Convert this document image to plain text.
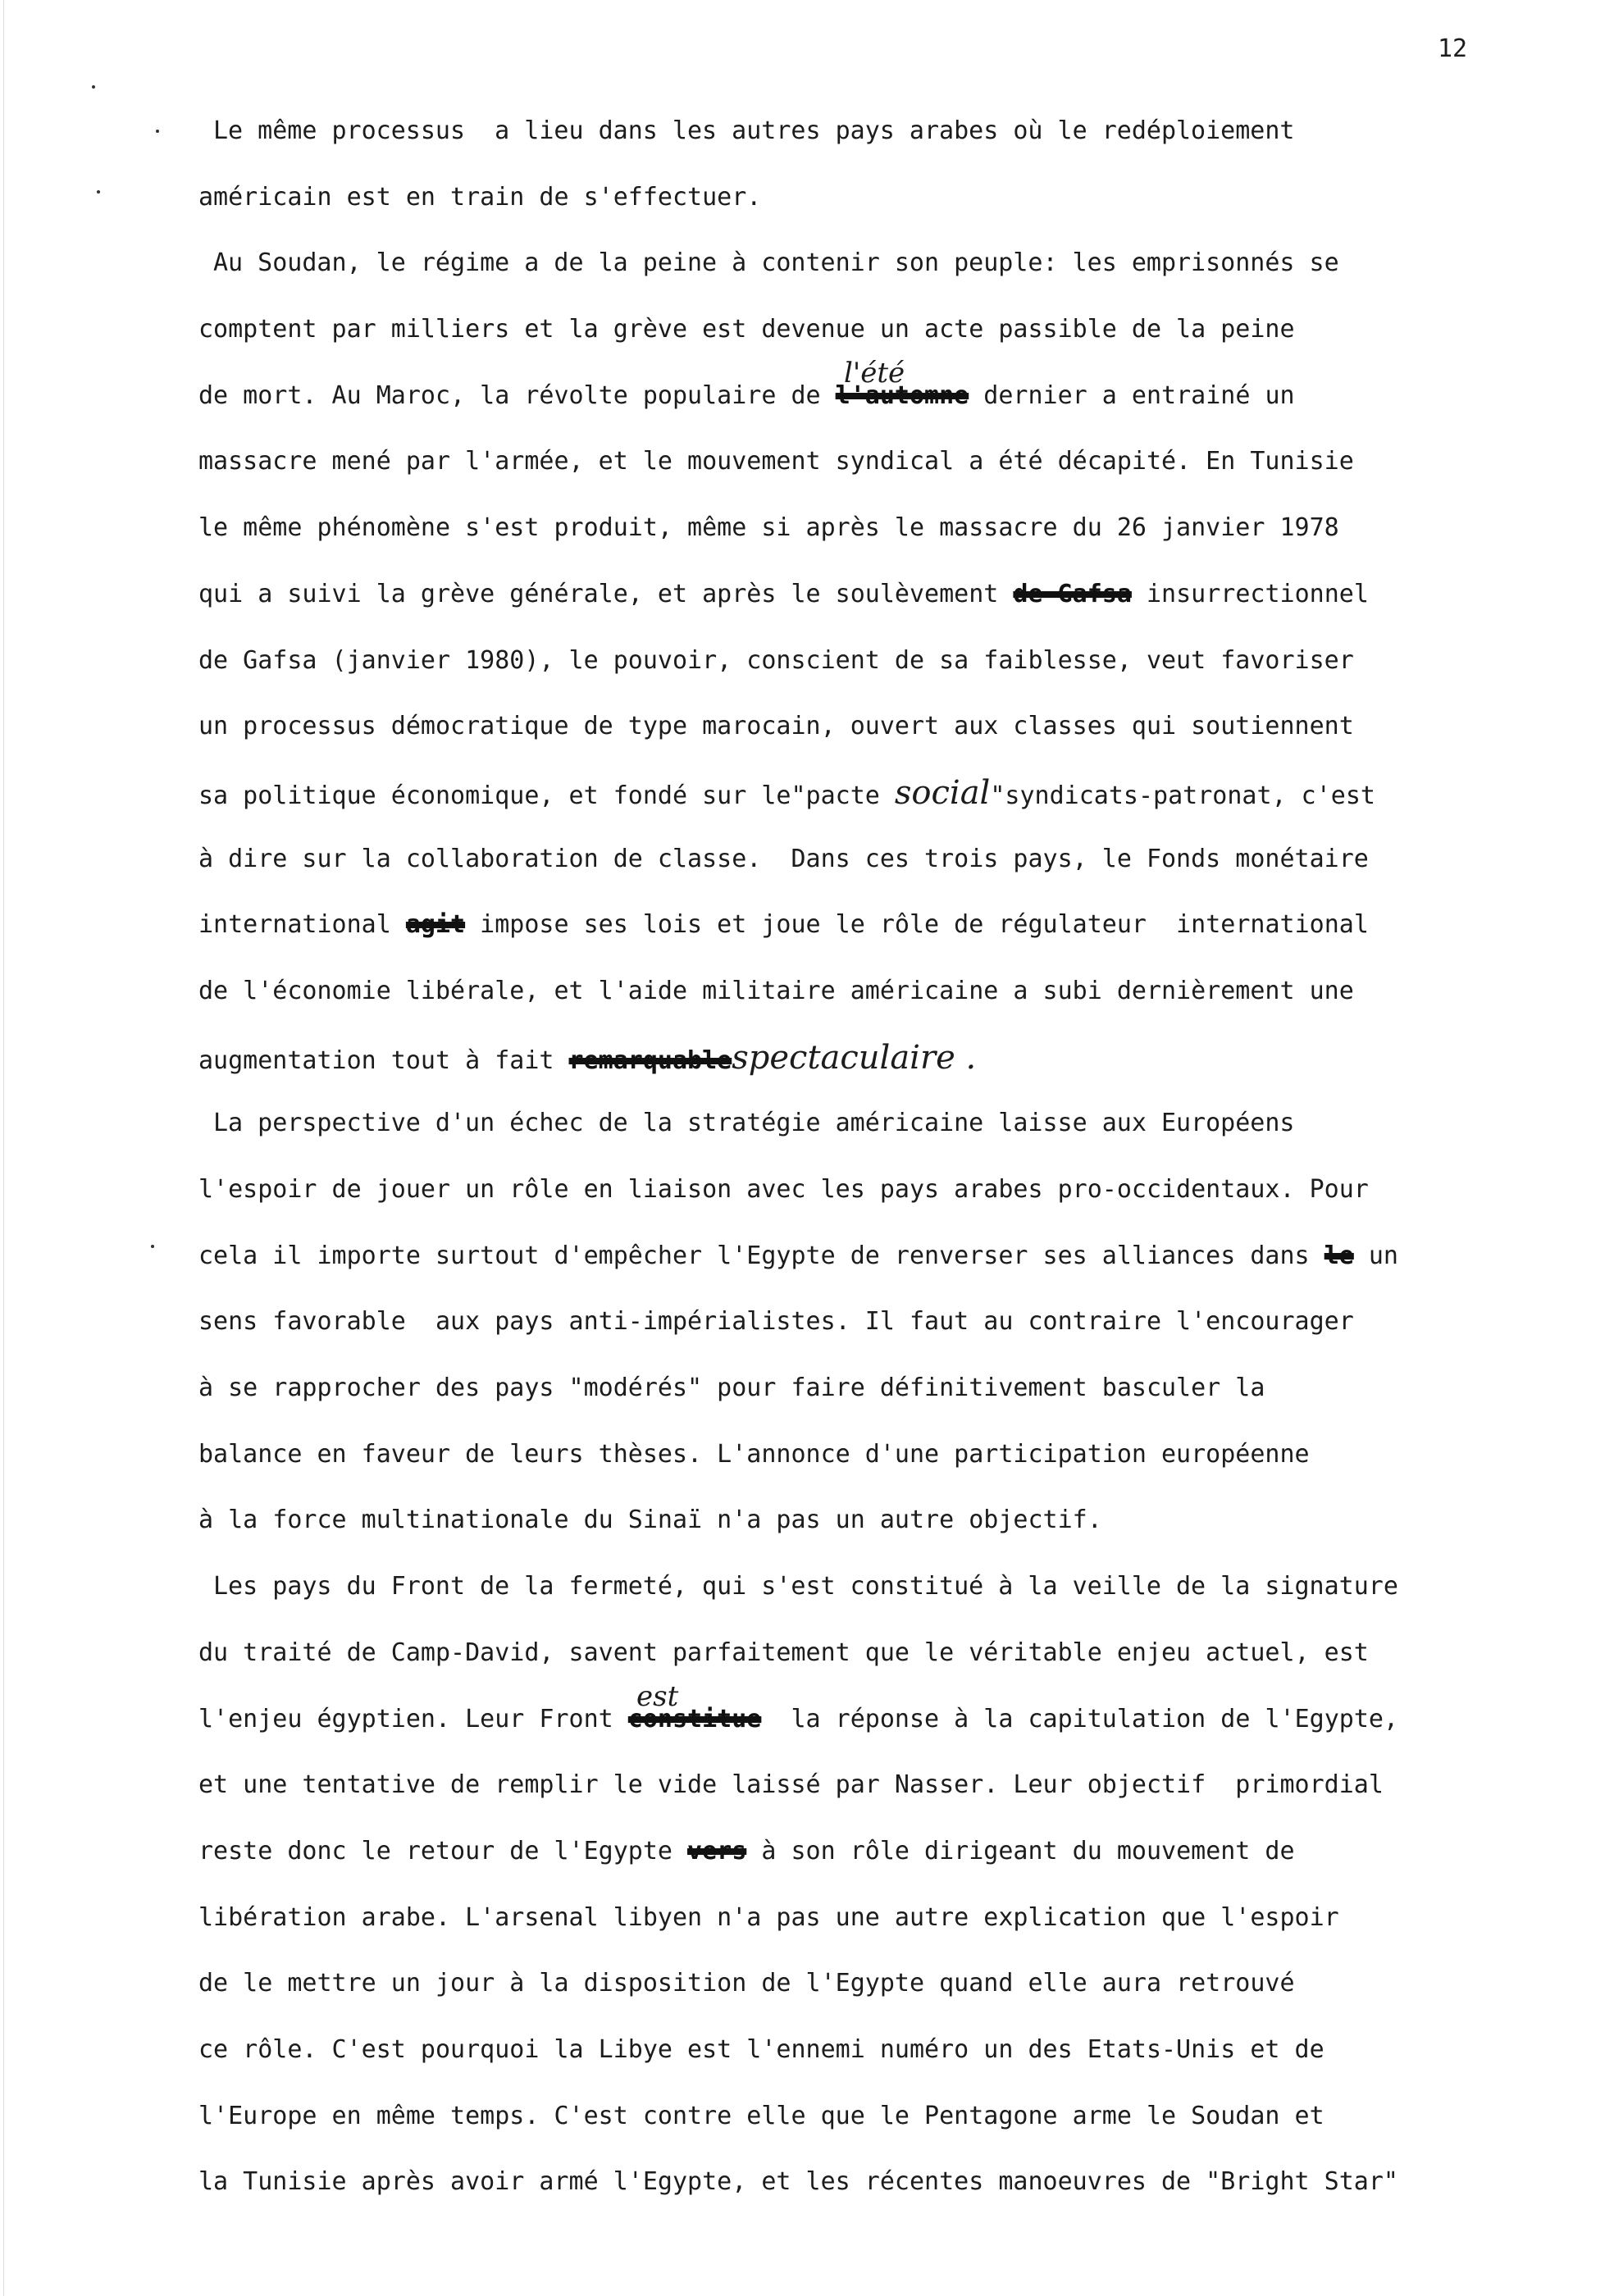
12
Le même processus  a lieu dans les autres pays arabes où le redéploiement
américain est en train de s'effectuer.
Au Soudan, le régime a de la peine à contenir son peuple: les emprisonnés se
comptent par milliers et la grève est devenue un acte passible de la peine
de mort. Au Maroc, la révolte populaire de l'automne dernier a entrainé un
l'été
massacre mené par l'armée, et le mouvement syndical a été décapité. En Tunisie
le même phénomène s'est produit, même si après le massacre du 26 janvier 1978
qui a suivi la grève générale, et après le soulèvement de Gafsa insurrectionnel
de Gafsa (janvier 1980), le pouvoir, conscient de sa faiblesse, veut favoriser
un processus démocratique de type marocain, ouvert aux classes qui soutiennent
sa politique économique, et fondé sur le"pacte social"syndicats-patronat, c'est
à dire sur la collaboration de classe.  Dans ces trois pays, le Fonds monétaire
international agit impose ses lois et joue le rôle de régulateur  international
de l'économie libérale, et l'aide militaire américaine a subi dernièrement une
augmentation tout à fait remarquablespectaculaire .
La perspective d'un échec de la stratégie américaine laisse aux Européens
l'espoir de jouer un rôle en liaison avec les pays arabes pro-occidentaux. Pour
cela il importe surtout d'empêcher l'Egypte de renverser ses alliances dans le un
sens favorable  aux pays anti-impérialistes. Il faut au contraire l'encourager
à se rapprocher des pays "modérés" pour faire définitivement basculer la
balance en faveur de leurs thèses. L'annonce d'une participation européenne
à la force multinationale du Sinaï n'a pas un autre objectif.
Les pays du Front de la fermeté, qui s'est constitué à la veille de la signature
du traité de Camp-David, savent parfaitement que le véritable enjeu actuel, est
l'enjeu égyptien. Leur Front constitue  la réponse à la capitulation de l'Egypte,
est
et une tentative de remplir le vide laissé par Nasser. Leur objectif  primordial
reste donc le retour de l'Egypte vers à son rôle dirigeant du mouvement de
libération arabe. L'arsenal libyen n'a pas une autre explication que l'espoir
de le mettre un jour à la disposition de l'Egypte quand elle aura retrouvé
ce rôle. C'est pourquoi la Libye est l'ennemi numéro un des Etats-Unis et de
l'Europe en même temps. C'est contre elle que le Pentagone arme le Soudan et
la Tunisie après avoir armé l'Egypte, et les récentes manoeuvres de "Bright Star"
